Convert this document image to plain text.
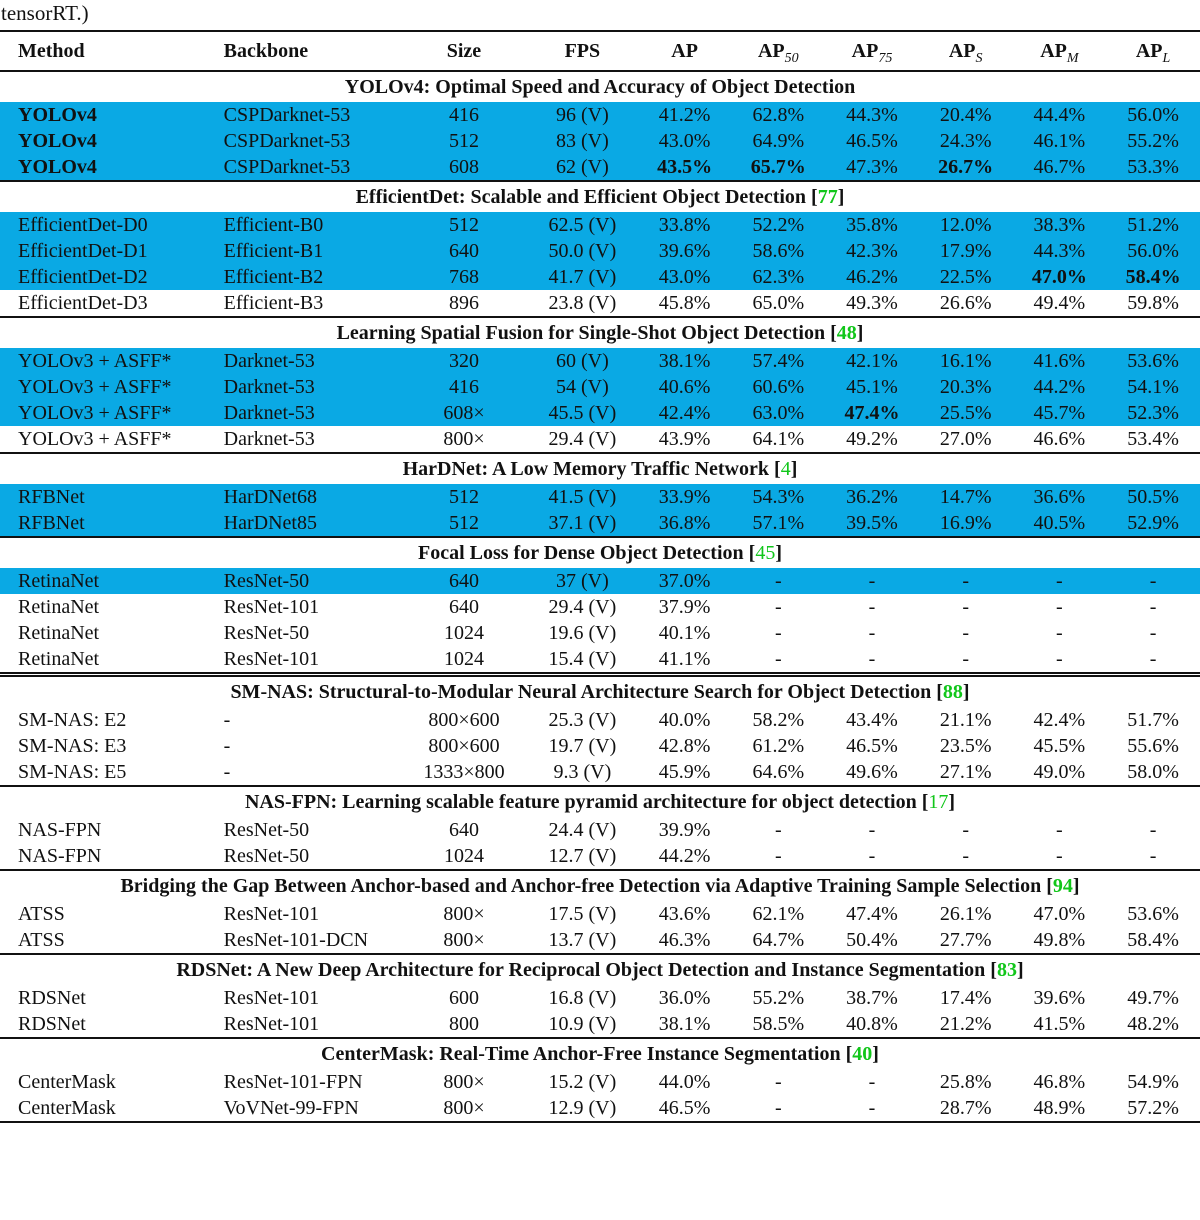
tensorRT.)
Method	Backbone	Size	FPS	AP	$AP_{50}$	$AP_{75}$	$AP_S$	$AP_M$	$AP_L$
YOLOv4: Optimal Speed and Accuracy of Object Detection									
YOLOv4	CSPDarknet-53	416	96 (V)	41.2%	62.8%	44.3%	20.4%	44.4%	56.0%
YOLOv4	CSPDarknet-53	512	83 (V)	43.0%	64.9%	46.5%	24.3%	46.1%	55.2%
YOLOv4	CSPDarknet-53	608	62 (V)	43.5%	65.7%	47.3%	26.7%	46.7%	53.3%
EfficientDet: Scalable and Efficient Object Detection [77]									
EfficientDet-D0	Efficient-B0	512	62.5 (V)	33.8%	52.2%	35.8%	12.0%	38.3%	51.2%
EfficientDet-D1	Efficient-B1	640	50.0 (V)	39.6%	58.6%	42.3%	17.9%	44.3%	56.0%
EfficientDet-D2	Efficient-B2	768	41.7 (V)	43.0%	62.3%	46.2%	22.5%	47.0%	58.4%
EfficientDet-D3	Efficient-B3	896	23.8 (V)	45.8%	65.0%	49.3%	26.6%	49.4%	59.8%
Learning Spatial Fusion for Single-Shot Object Detection [48]									
YOLOv3 + ASFF*	Darknet-53	320	60 (V)	38.1%	57.4%	42.1%	16.1%	41.6%	53.6%
YOLOv3 + ASFF*	Darknet-53	416	54 (V)	40.6%	60.6%	45.1%	20.3%	44.2%	54.1%
YOLOv3 + ASFF*	Darknet-53	608×	45.5 (V)	42.4%	63.0%	47.4%	25.5%	45.7%	52.3%
YOLOv3 + ASFF*	Darknet-53	800×	29.4 (V)	43.9%	64.1%	49.2%	27.0%	46.6%	53.4%
HarDNet: A Low Memory Traffic Network [4]									
RFBNet	HarDNet68	512	41.5 (V)	33.9%	54.3%	36.2%	14.7%	36.6%	50.5%
RFBNet	HarDNet85	512	37.1 (V)	36.8%	57.1%	39.5%	16.9%	40.5%	52.9%
Focal Loss for Dense Object Detection [45]									
RetinaNet	ResNet-50	640	37 (V)	37.0%	-	-	-	-	-
RetinaNet	ResNet-101	640	29.4 (V)	37.9%	-	-	-	-	-
RetinaNet	ResNet-50	1024	19.6 (V)	40.1%	-	-	-	-	-
RetinaNet	ResNet-101	1024	15.4 (V)	41.1%	-	-	-	-	-
SM-NAS: Structural-to-Modular Neural Architecture Search for Object Detection [88]									
SM-NAS: E2	-	800×600	25.3 (V)	40.0%	58.2%	43.4%	21.1%	42.4%	51.7%
SM-NAS: E3	-	800×600	19.7 (V)	42.8%	61.2%	46.5%	23.5%	45.5%	55.6%
SM-NAS: E5	-	1333×800	9.3 (V)	45.9%	64.6%	49.6%	27.1%	49.0%	58.0%
NAS-FPN: Learning scalable feature pyramid architecture for object detection [17]									
NAS-FPN	ResNet-50	640	24.4 (V)	39.9%	-	-	-	-	-
NAS-FPN	ResNet-50	1024	12.7 (V)	44.2%	-	-	-	-	-
Bridging the Gap Between Anchor-based and Anchor-free Detection via Adaptive Training Sample Selection [94]									
ATSS	ResNet-101	800×	17.5 (V)	43.6%	62.1%	47.4%	26.1%	47.0%	53.6%
ATSS	ResNet-101-DCN	800×	13.7 (V)	46.3%	64.7%	50.4%	27.7%	49.8%	58.4%
RDSNet: A New Deep Architecture for Reciprocal Object Detection and Instance Segmentation [83]									
RDSNet	ResNet-101	600	16.8 (V)	36.0%	55.2%	38.7%	17.4%	39.6%	49.7%
RDSNet	ResNet-101	800	10.9 (V)	38.1%	58.5%	40.8%	21.2%	41.5%	48.2%
CenterMask: Real-Time Anchor-Free Instance Segmentation [40]									
CenterMask	ResNet-101-FPN	800×	15.2 (V)	44.0%	-	-	25.8%	46.8%	54.9%
CenterMask	VoVNet-99-FPN	800×	12.9 (V)	46.5%	-	-	28.7%	48.9%	57.2%
